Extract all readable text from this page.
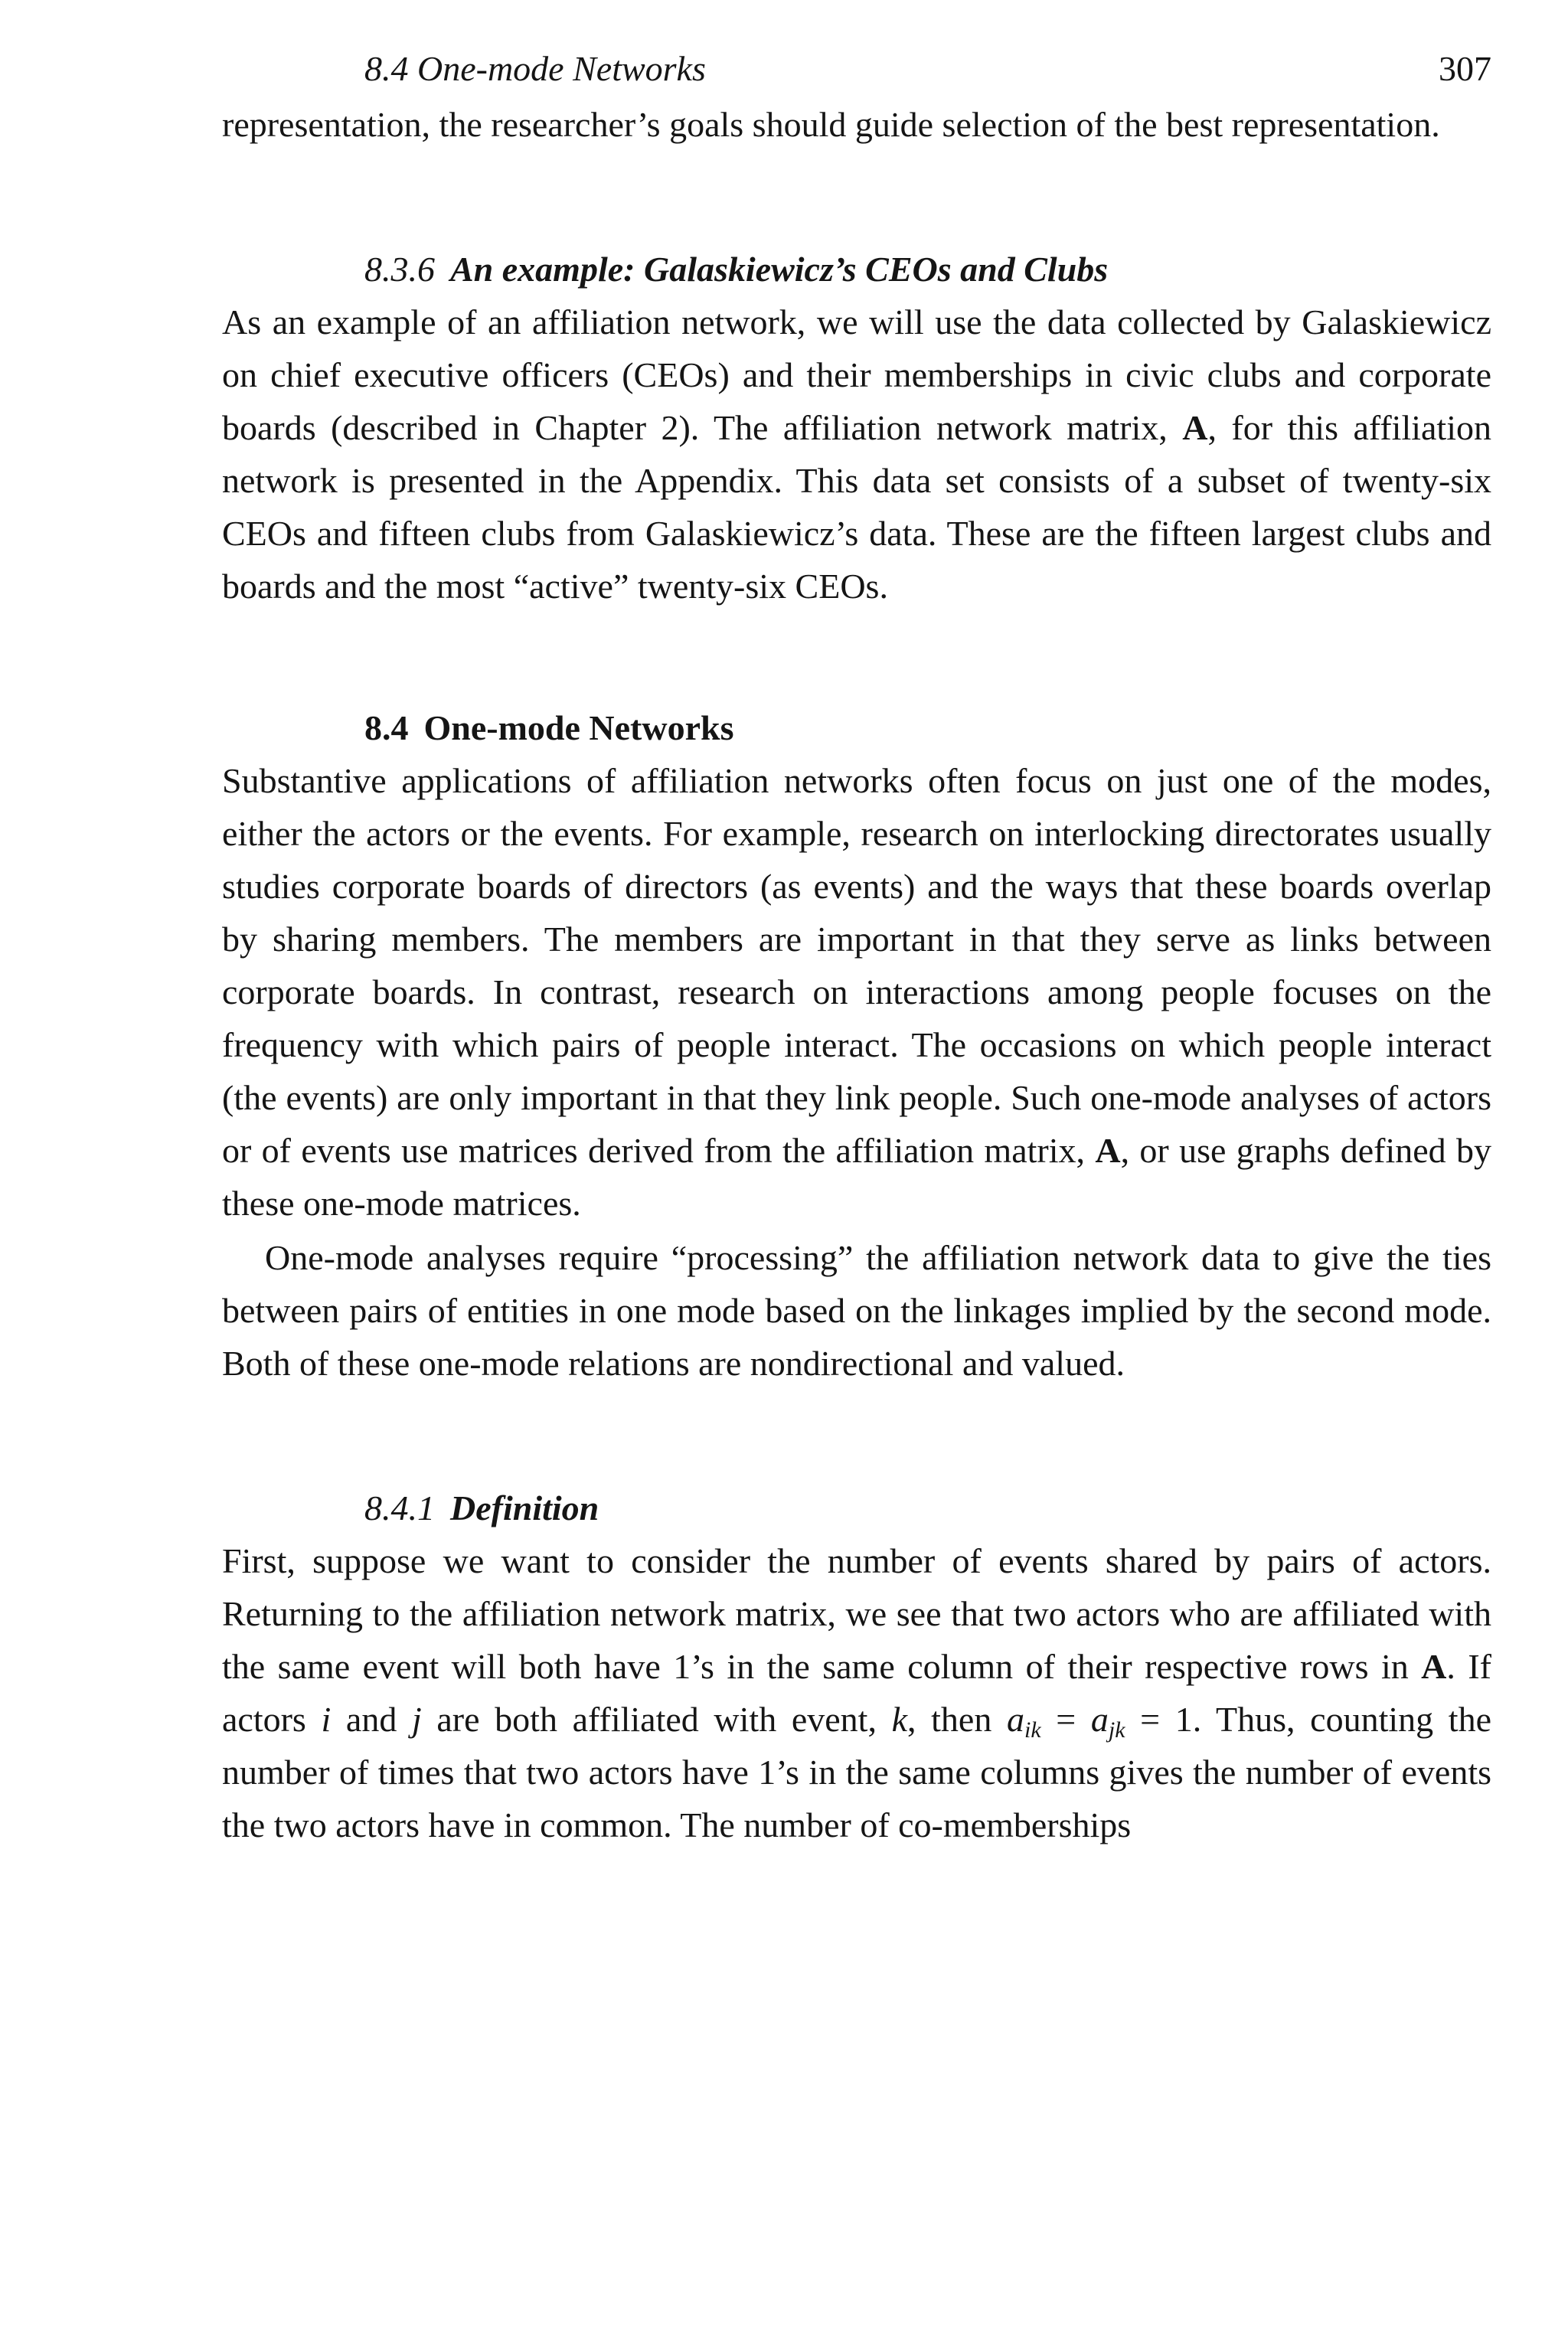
8.4 One-mode Networks	307

representation, the researcher’s goals should guide selection of the best representation.

8.3.6 An example: Galaskiewicz’s CEOs and Clubs

As an example of an affiliation network, we will use the data collected by Galaskiewicz on chief executive officers (CEOs) and their memberships in civic clubs and corporate boards (described in Chapter 2). The affiliation network matrix, A, for this affiliation network is presented in the Appendix. This data set consists of a subset of twenty-six CEOs and fifteen clubs from Galaskiewicz’s data. These are the fifteen largest clubs and boards and the most “active” twenty-six CEOs.

8.4 One-mode Networks

Substantive applications of affiliation networks often focus on just one of the modes, either the actors or the events. For example, research on interlocking directorates usually studies corporate boards of directors (as events) and the ways that these boards overlap by sharing members. The members are important in that they serve as links between corporate boards. In contrast, research on interactions among people focuses on the frequency with which pairs of people interact. The occasions on which people interact (the events) are only important in that they link people. Such one-mode analyses of actors or of events use matrices derived from the affiliation matrix, A, or use graphs defined by these one-mode matrices.

One-mode analyses require “processing” the affiliation network data to give the ties between pairs of entities in one mode based on the linkages implied by the second mode. Both of these one-mode relations are nondirectional and valued.

8.4.1 Definition

First, suppose we want to consider the number of events shared by pairs of actors. Returning to the affiliation network matrix, we see that two actors who are affiliated with the same event will both have 1’s in the same column of their respective rows in A. If actors i and j are both affiliated with event, k, then $a_{ik} = a_{jk} = 1$. Thus, counting the number of times that two actors have 1’s in the same columns gives the number of events the two actors have in common. The number of co-memberships
